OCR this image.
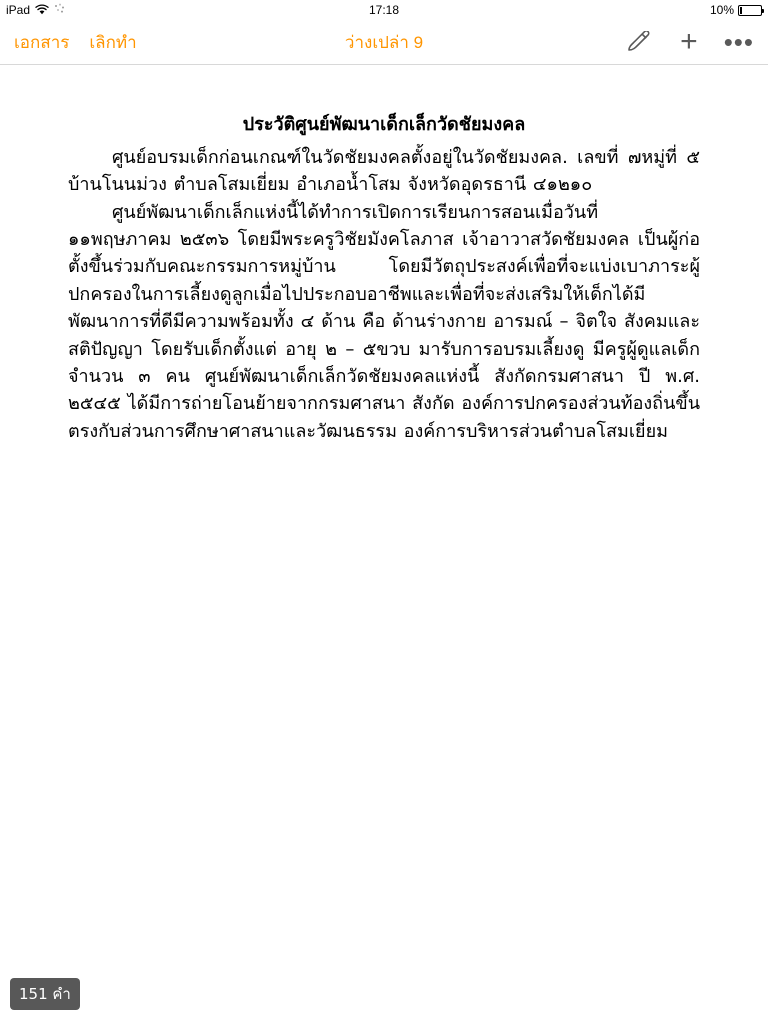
iPad	17:18	10%
เอกสาร เลิกทำ	ว่างเปล่า 9	+ •••
ประวัติศูนย์พัฒนาเด็กเล็กวัดชัยมงคล

ศูนย์อบรมเด็กก่อนเกณฑ์ในวัดชัยมงคลตั้งอยู่ในวัดชัยมงคล. เลขที่ ๗หมู่ที่ ๕ บ้านโนนม่วง ตำบลโสมเยี่ยม อำเภอน้ำโสม จังหวัดอุดรธานี ๔๑๒๑๐

ศูนย์พัฒนาเด็กเล็กแห่งนี้ได้ทำการเปิดการเรียนการสอนเมื่อวันที่ ๑๑พฤษภาคม ๒๕๓๖ โดยมีพระครูวิชัยมังคโลภาส เจ้าอาวาสวัดชัยมงคล เป็นผู้ก่อตั้งขึ้นร่วมกับคณะกรรมการหมู่บ้าน โดยมีวัตถุประสงค์เพื่อที่จะแบ่งเบาภาระผู้ปกครองในการเลี้ยงดูลูกเมื่อไปประกอบอาชีพและเพื่อที่จะส่งเสริมให้เด็กได้มีพัฒนาการที่ดีมีความพร้อมทั้ง ๔ ด้าน คือ ด้านร่างกาย อารมณ์ – จิตใจ สังคมและสติปัญญา โดยรับเด็กตั้งแต่ อายุ ๒ – ๕ขวบ มารับการอบรมเลี้ยงดู มีครูผู้ดูแลเด็กจำนวน ๓ คน ศูนย์พัฒนาเด็กเล็กวัดชัยมงคลแห่งนี้ สังกัดกรมศาสนา ปี พ.ศ. ๒๕๔๕ ได้มีการถ่ายโอนย้ายจากกรมศาสนา สังกัด องค์การปกครองส่วนท้องถิ่นขึ้นตรงกับส่วนการศึกษาศาสนาและวัฒนธรรม องค์การบริหารส่วนตำบลโสมเยี่ยม

151 คำ
